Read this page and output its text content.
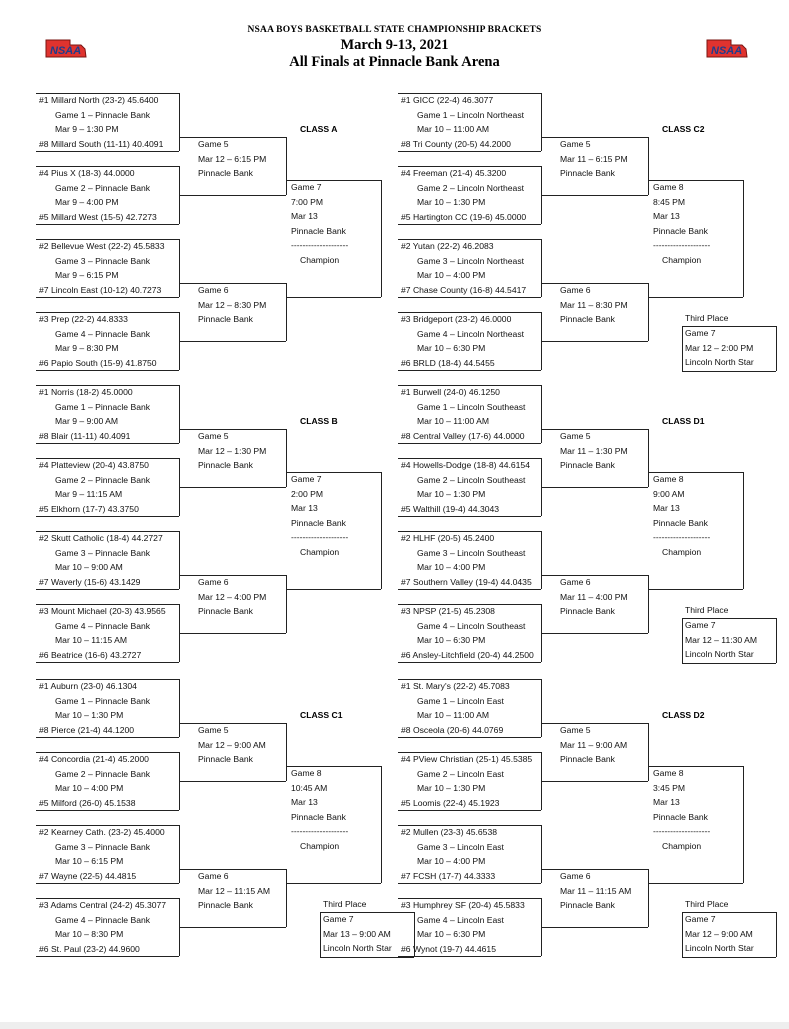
NSAA BOYS BASKETBALL STATE CHAMPIONSHIP BRACKETS
March 9-13, 2021
All Finals at Pinnacle Bank Arena
NSAA	NSAA
#1 Millard North (23-2) 45.6400
Game 1 – Pinnacle Bank
Mar 9 – 1:30 PM
#8 Millard South (11-11) 40.4091
#4 Pius X (18-3) 44.0000
Game 2 – Pinnacle Bank
Mar 9 – 4:00 PM
#5 Millard West (15-5) 42.7273
#2 Bellevue West (22-2) 45.5833
Game 3 – Pinnacle Bank
Mar 9 – 6:15 PM
#7 Lincoln East (10-12) 40.7273
#3 Prep (22-2) 44.8333
Game 4 – Pinnacle Bank
Mar 9 – 8:30 PM
#6 Papio South (15-9) 41.8750
Game 5
Mar 12 – 6:15 PM
Pinnacle Bank
Game 6
Mar 12 – 8:30 PM
Pinnacle Bank
Game 7
7:00 PM
Mar 13
Pinnacle Bank
--------------------
Champion
CLASS A
#1 Norris (18-2) 45.0000
Game 1 – Pinnacle Bank
Mar 9 – 9:00 AM
#8 Blair (11-11) 40.4091
#4 Platteview (20-4) 43.8750
Game 2 – Pinnacle Bank
Mar 9 – 11:15 AM
#5 Elkhorn (17-7) 43.3750
#2 Skutt Catholic (18-4) 44.2727
Game 3 – Pinnacle Bank
Mar 10 – 9:00 AM
#7 Waverly (15-6) 43.1429
#3 Mount Michael (20-3) 43.9565
Game 4 – Pinnacle Bank
Mar 10 – 11:15 AM
#6 Beatrice (16-6) 43.2727
Game 5
Mar 12 – 1:30 PM
Pinnacle Bank
Game 6
Mar 12 – 4:00 PM
Pinnacle Bank
Game 7
2:00 PM
Mar 13
Pinnacle Bank
--------------------
Champion
CLASS B
#1 Auburn (23-0) 46.1304
Game 1 – Pinnacle Bank
Mar 10 – 1:30 PM
#8 Pierce (21-4) 44.1200
#4 Concordia (21-4) 45.2000
Game 2 – Pinnacle Bank
Mar 10 – 4:00 PM
#5 Milford (26-0) 45.1538
#2 Kearney Cath. (23-2) 45.4000
Game 3 – Pinnacle Bank
Mar 10 – 6:15 PM
#7 Wayne (22-5) 44.4815
#3 Adams Central (24-2) 45.3077
Game 4 – Pinnacle Bank
Mar 10 – 8:30 PM
#6 St. Paul (23-2) 44.9600
Game 5
Mar 12 – 9:00 AM
Pinnacle Bank
Game 6
Mar 12 – 11:15 AM
Pinnacle Bank
Game 8
10:45 AM
Mar 13
Pinnacle Bank
--------------------
Champion
CLASS C1
Third Place
Game 7
Mar 13 – 9:00 AM
Lincoln North Star
#1 GICC (22-4) 46.3077
Game 1 – Lincoln Northeast
Mar 10 – 11:00 AM
#8 Tri County (20-5) 44.2000
#4 Freeman (21-4) 45.3200
Game 2 – Lincoln Northeast
Mar 10 – 1:30 PM
#5 Hartington CC (19-6) 45.0000
#2 Yutan (22-2) 46.2083
Game 3 – Lincoln Northeast
Mar 10 – 4:00 PM
#7 Chase County (16-8) 44.5417
#3 Bridgeport (23-2) 46.0000
Game 4 – Lincoln Northeast
Mar 10 – 6:30 PM
#6 BRLD (18-4) 44.5455
Game 5
Mar 11 – 6:15 PM
Pinnacle Bank
Game 6
Mar 11 – 8:30 PM
Pinnacle Bank
Game 8
8:45 PM
Mar 13
Pinnacle Bank
--------------------
Champion
CLASS C2
Third Place
Game 7
Mar 12 – 2:00 PM
Lincoln North Star
#1 Burwell (24-0) 46.1250
Game 1 – Lincoln Southeast
Mar 10 – 11:00 AM
#8 Central Valley (17-6) 44.0000
#4 Howells-Dodge (18-8) 44.6154
Game 2 – Lincoln Southeast
Mar 10 – 1:30 PM
#5 Walthill (19-4) 44.3043
#2 HLHF (20-5) 45.2400
Game 3 – Lincoln Southeast
Mar 10 – 4:00 PM
#7 Southern Valley (19-4) 44.0435
#3 NPSP (21-5) 45.2308
Game 4 – Lincoln Southeast
Mar 10 – 6:30 PM
#6 Ansley-Litchfield (20-4) 44.2500
Game 5
Mar 11 – 1:30 PM
Pinnacle Bank
Game 6
Mar 11 – 4:00 PM
Pinnacle Bank
Game 8
9:00 AM
Mar 13
Pinnacle Bank
--------------------
Champion
CLASS D1
Third Place
Game 7
Mar 12 – 11:30 AM
Lincoln North Star
#1 St. Mary's (22-2) 45.7083
Game 1 – Lincoln East
Mar 10 – 11:00 AM
#8 Osceola (20-6) 44.0769
#4 PView Christian (25-1) 45.5385
Game 2 – Lincoln East
Mar 10 – 1:30 PM
#5 Loomis (22-4) 45.1923
#2 Mullen (23-3) 45.6538
Game 3 – Lincoln East
Mar 10 – 4:00 PM
#7 FCSH (17-7) 44.3333
#3 Humphrey SF (20-4) 45.5833
Game 4 – Lincoln East
Mar 10 – 6:30 PM
#6 Wynot (19-7) 44.4615
Game 5
Mar 11 – 9:00 AM
Pinnacle Bank
Game 6
Mar 11 – 11:15 AM
Pinnacle Bank
Game 8
3:45 PM
Mar 13
Pinnacle Bank
--------------------
Champion
CLASS D2
Third Place
Game 7
Mar 12 – 9:00 AM
Lincoln North Star
